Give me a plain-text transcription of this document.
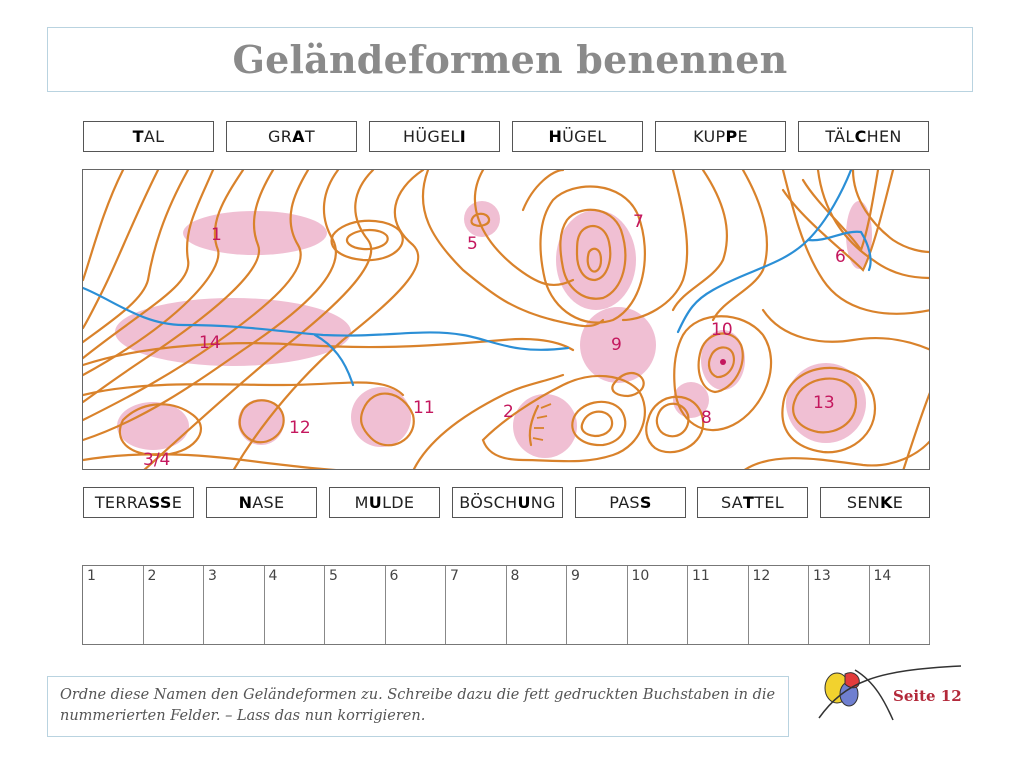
Geländeformen benennen
TAL	GRAT	HÜGELI	HÜGEL	KUPPE	TÄLCHEN
1
2
3/4
5
6
7
8
9
10
11
12
13
14
TERRASSE	NASE	MULDE	BÖSCHUNG	PASS	SATTEL	SENKE
1	2	3	4	5	6	7	8	9	10	11	12	13	14
Ordne diese Namen den Geländeformen zu. Schreibe dazu die fett gedruckten Buchstaben in die nummerierten Felder. – Lass das nun korrigieren.
Seite 12
